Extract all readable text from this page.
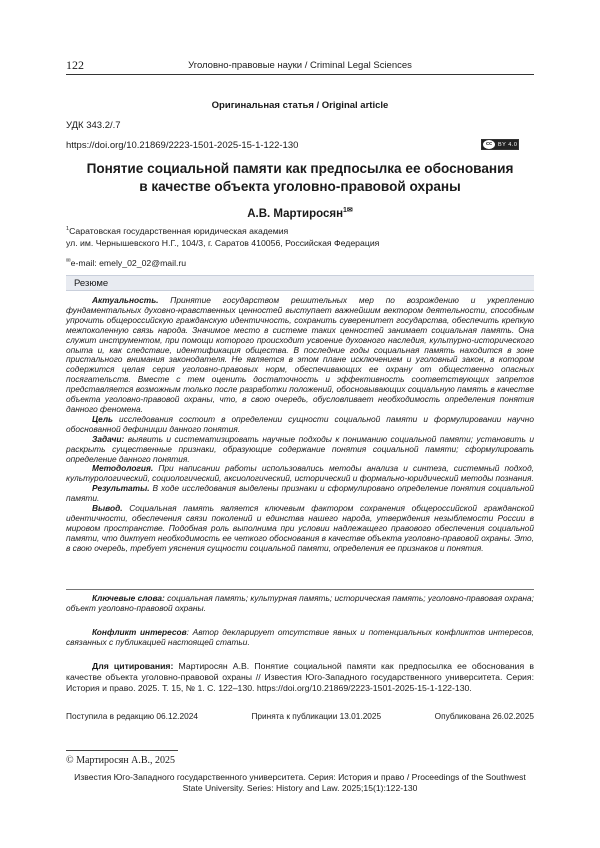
122	Уголовно-правовые науки / Criminal Legal Sciences
Оригинальная статья / Original article
УДК 343.2/.7
https://doi.org/10.21869/2223-1501-2025-15-1-122-130	cc	BY 4.0
Понятие социальной памяти как предпосылка ее обоснования
в качестве объекта уголовно-правовой охраны
А.В. Мартиросян1✉
1Саратовская государственная юридическая академия
ул. им. Чернышевского Н.Г., 104/3, г. Саратов 410056, Российская Федерация
✉e-mail: emely_02_02@mail.ru
Резюме

Актуальность. Принятие государством решительных мер по возрождению и укреплению фундаментальных духовно-нравственных ценностей выступает важнейшим вектором деятельности, способным упрочить общероссийскую гражданскую идентичность, сохранить суверенитет государства, обеспечить крепкую межпоколенную связь народа. Значимое место в системе таких ценностей занимает социальная память. Она служит инструментом, при помощи которого происходит усвоение духовного наследия, культурно-исторического опыта и, как следствие, идентификация общества. В последние годы социальная память находится в зоне пристального внимания законодателя. Не является в этом плане исключением и уголовный закон, в котором содержится целая серия уголовно-правовых норм, обеспечивающих ее охрану от общественно опасных посягательств. Вместе с тем оценить достаточность и эффективность соответствующих запретов представляется возможным только после разработки положений, обосновывающих социальную память в качестве объекта уголовно-правовой охраны, что, в свою очередь, обусловливает необходимость определения понятия данного феномена.

Цель исследования состоит в определении сущности социальной памяти и формулировании научно обоснованной дефиниции данного понятия.

Задачи: выявить и систематизировать научные подходы к пониманию социальной памяти; установить и раскрыть существенные признаки, образующие содержание понятия социальной памяти; сформулировать определение данного понятия.

Методология. При написании работы использовались методы анализа и синтеза, системный подход, культурологический, социологический, аксиологический, исторический и формально-юридический методы познания.

Результаты. В ходе исследования выделены признаки и сформулировано определение понятия социальной памяти.

Вывод. Социальная память является ключевым фактором сохранения общероссийской гражданской идентичности, обеспечения связи поколений и единства нашего народа, утверждения незыблемости России в мировом пространстве. Подобная роль выполнима при условии надлежащего правового обеспечения социальной памяти, что диктует необходимость ее четкого обоснования в качестве объекта уголовно-правовой охраны. Это, в свою очередь, требует уяснения сущности социальной памяти, определения ее признаков и понятия.

Ключевые слова: социальная память; культурная память; историческая память; уголовно-правовая охрана; объект уголовно-правовой охраны.
Конфликт интересов: Автор декларирует отсутствие явных и потенциальных конфликтов интересов, связанных с публикацией настоящей статьи.
Для цитирования: Мартиросян А.В. Понятие социальной памяти как предпосылка ее обоснования в качестве объекта уголовно-правовой охраны // Известия Юго-Западного государственного университета. Серия: История и право. 2025. Т. 15, № 1. С. 122–130. https://doi.org/10.21869/2223-1501-2025-15-1-122-130.
Поступила в редакцию 06.12.2024	Принята к публикации 13.01.2025	Опубликована 26.02.2025
© Мартиросян А.В., 2025
Известия Юго-Западного государственного университета. Серия: История и право / Proceedings of the Southwest
State University. Series: History and Law. 2025;15(1):122-130
